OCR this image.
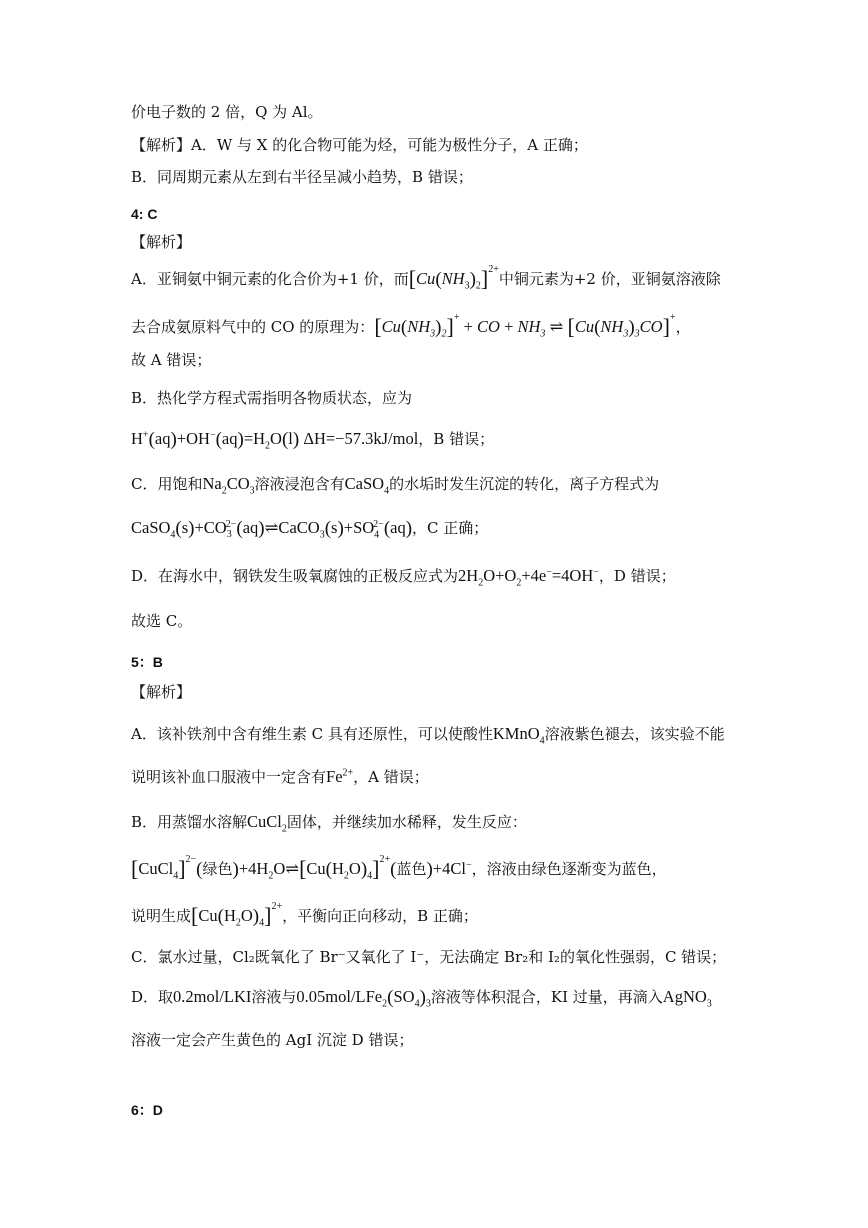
价电子数的 2 倍，Q 为 Al。
【解析】A．W 与 X 的化合物可能为烃，可能为极性分子，A 正确；
B．同周期元素从左到右半径呈减小趋势，B 错误；
4: C
【解析】
A．亚铜氨中铜元素的化合价为+1 价，而$[Cu(NH_3)_2]^{2+}$中铜元素为+2 价，亚铜氨溶液除
去合成氨原料气中的 CO 的原理为：$[Cu(NH_3)_2]^+$ + CO + $NH_3$ ⇌ $[Cu(NH_3)_3CO]^+$，
故 A 错误；
B．热化学方程式需指明各物质状态，应为
$H^+(aq)+OH^-(aq)=H_2O(l)$ ΔH=−57.3kJ/mol，B 错误；
C．用饱和$Na_2CO_3$溶液浸泡含有CaSO$_4$的水垢时发生沉淀的转化，离子方程式为
$CaSO_4(s)+CO_3^{2-}(aq)\rightleftharpoons CaCO_3(s)+SO_4^{2-}(aq)$，C 正确；
D．在海水中，钢铁发生吸氧腐蚀的正极反应式为$2H_2O+O_2+4e^-=4OH^-$，D 错误；
故选 C。
5：B
【解析】
A．该补铁剂中含有维生素 C 具有还原性，可以使酸性KMnO$_4$溶液紫色褪去，该实验不能
说明该补血口服液中一定含有$Fe^{2+}$，A 错误；
B．用蒸馏水溶解CuCl$_2$固体，并继续加水稀释，发生反应：
[CuCl$_4$]$^{2-}$(绿色)$+4H_2O\rightleftharpoons[Cu(H_2O)_4]^{2+}$(蓝色)+4Cl−，溶液由绿色逐渐变为蓝色，
说明生成$[Cu(H_2O)_4]^{2+}$，平衡向正向移动，B 正确；
C．氯水过量，Cl₂既氧化了 Br⁻又氧化了 I⁻，无法确定 Br₂和 I₂的氧化性强弱，C 错误；
D．取0.2mol/LKI溶液与$0.05mol/LFe_2(SO_4)_3$溶液等体积混合，KI 过量，再滴入AgNO$_3$
溶液一定会产生黄色的 AgI 沉淀 D 错误；
6：D
